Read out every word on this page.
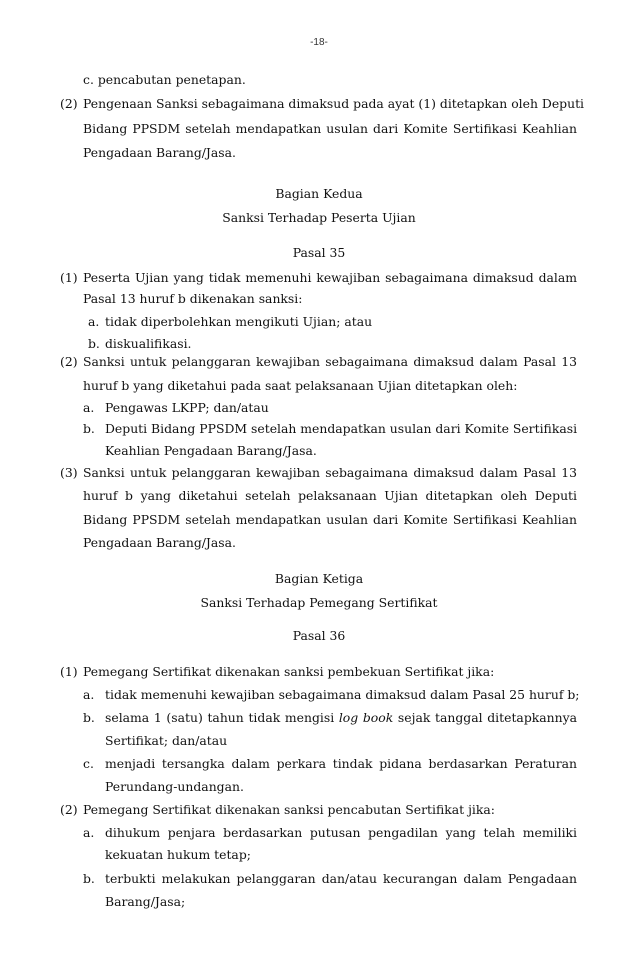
-18-
c. pencabutan penetapan.
(2) Pengenaan Sanksi sebagaimana dimaksud pada ayat (1) ditetapkan oleh Deputi
Bidang PPSDM setelah mendapatkan usulan dari Komite Sertifikasi Keahlian
Pengadaan Barang/Jasa.
Bagian Kedua
Sanksi Terhadap Peserta Ujian
Pasal 35
(1) Peserta Ujian yang tidak memenuhi kewajiban sebagaimana dimaksud dalam
Pasal 13 huruf b dikenakan sanksi:
a. tidak diperbolehkan mengikuti Ujian; atau
b. diskualifikasi.
(2) Sanksi untuk pelanggaran kewajiban sebagaimana dimaksud dalam Pasal 13
huruf b yang diketahui pada saat pelaksanaan Ujian ditetapkan oleh:
a. Pengawas LKPP; dan/atau
b. Deputi Bidang PPSDM setelah mendapatkan usulan dari Komite Sertifikasi
Keahlian Pengadaan Barang/Jasa.
(3) Sanksi untuk pelanggaran kewajiban sebagaimana dimaksud dalam Pasal 13
huruf b yang diketahui setelah pelaksanaan Ujian ditetapkan oleh Deputi
Bidang PPSDM setelah mendapatkan usulan dari Komite Sertifikasi Keahlian
Pengadaan Barang/Jasa.
Bagian Ketiga
Sanksi Terhadap Pemegang Sertifikat
Pasal 36
(1) Pemegang Sertifikat dikenakan sanksi pembekuan Sertifikat jika:
a. tidak memenuhi kewajiban sebagaimana dimaksud dalam Pasal 25 huruf b;
b. selama 1 (satu) tahun tidak mengisi log book sejak tanggal ditetapkannya
Sertifikat; dan/atau
c. menjadi tersangka dalam perkara tindak pidana berdasarkan Peraturan
Perundang-undangan.
(2) Pemegang Sertifikat dikenakan sanksi pencabutan Sertifikat jika:
a. dihukum penjara berdasarkan putusan pengadilan yang telah memiliki
kekuatan hukum tetap;
b. terbukti melakukan pelanggaran dan/atau kecurangan dalam Pengadaan
Barang/Jasa;
